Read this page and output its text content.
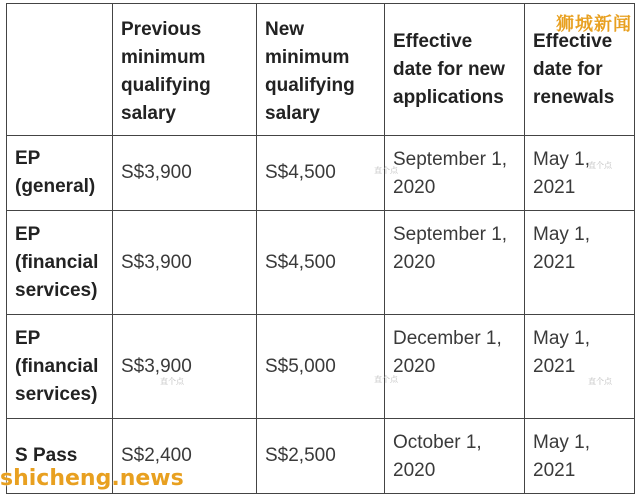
	Previous minimum qualifying salary	New minimum qualifying salary	Effective date for new applications	Effective date for renewals
EP (general)	S$3,900	S$4,500	September 1, 2020	May 1, 2021
EP (financial services)	S$3,900	S$4,500	September 1, 2020	May 1, 2021
EP (financial services)	S$3,900	S$5,000	December 1, 2020	May 1, 2021
S Pass	S$2,400	S$2,500	October 1, 2020	May 1, 2021
狮城新闻
shicheng.news
直个点
直个点
直个点	直个点	直个点
